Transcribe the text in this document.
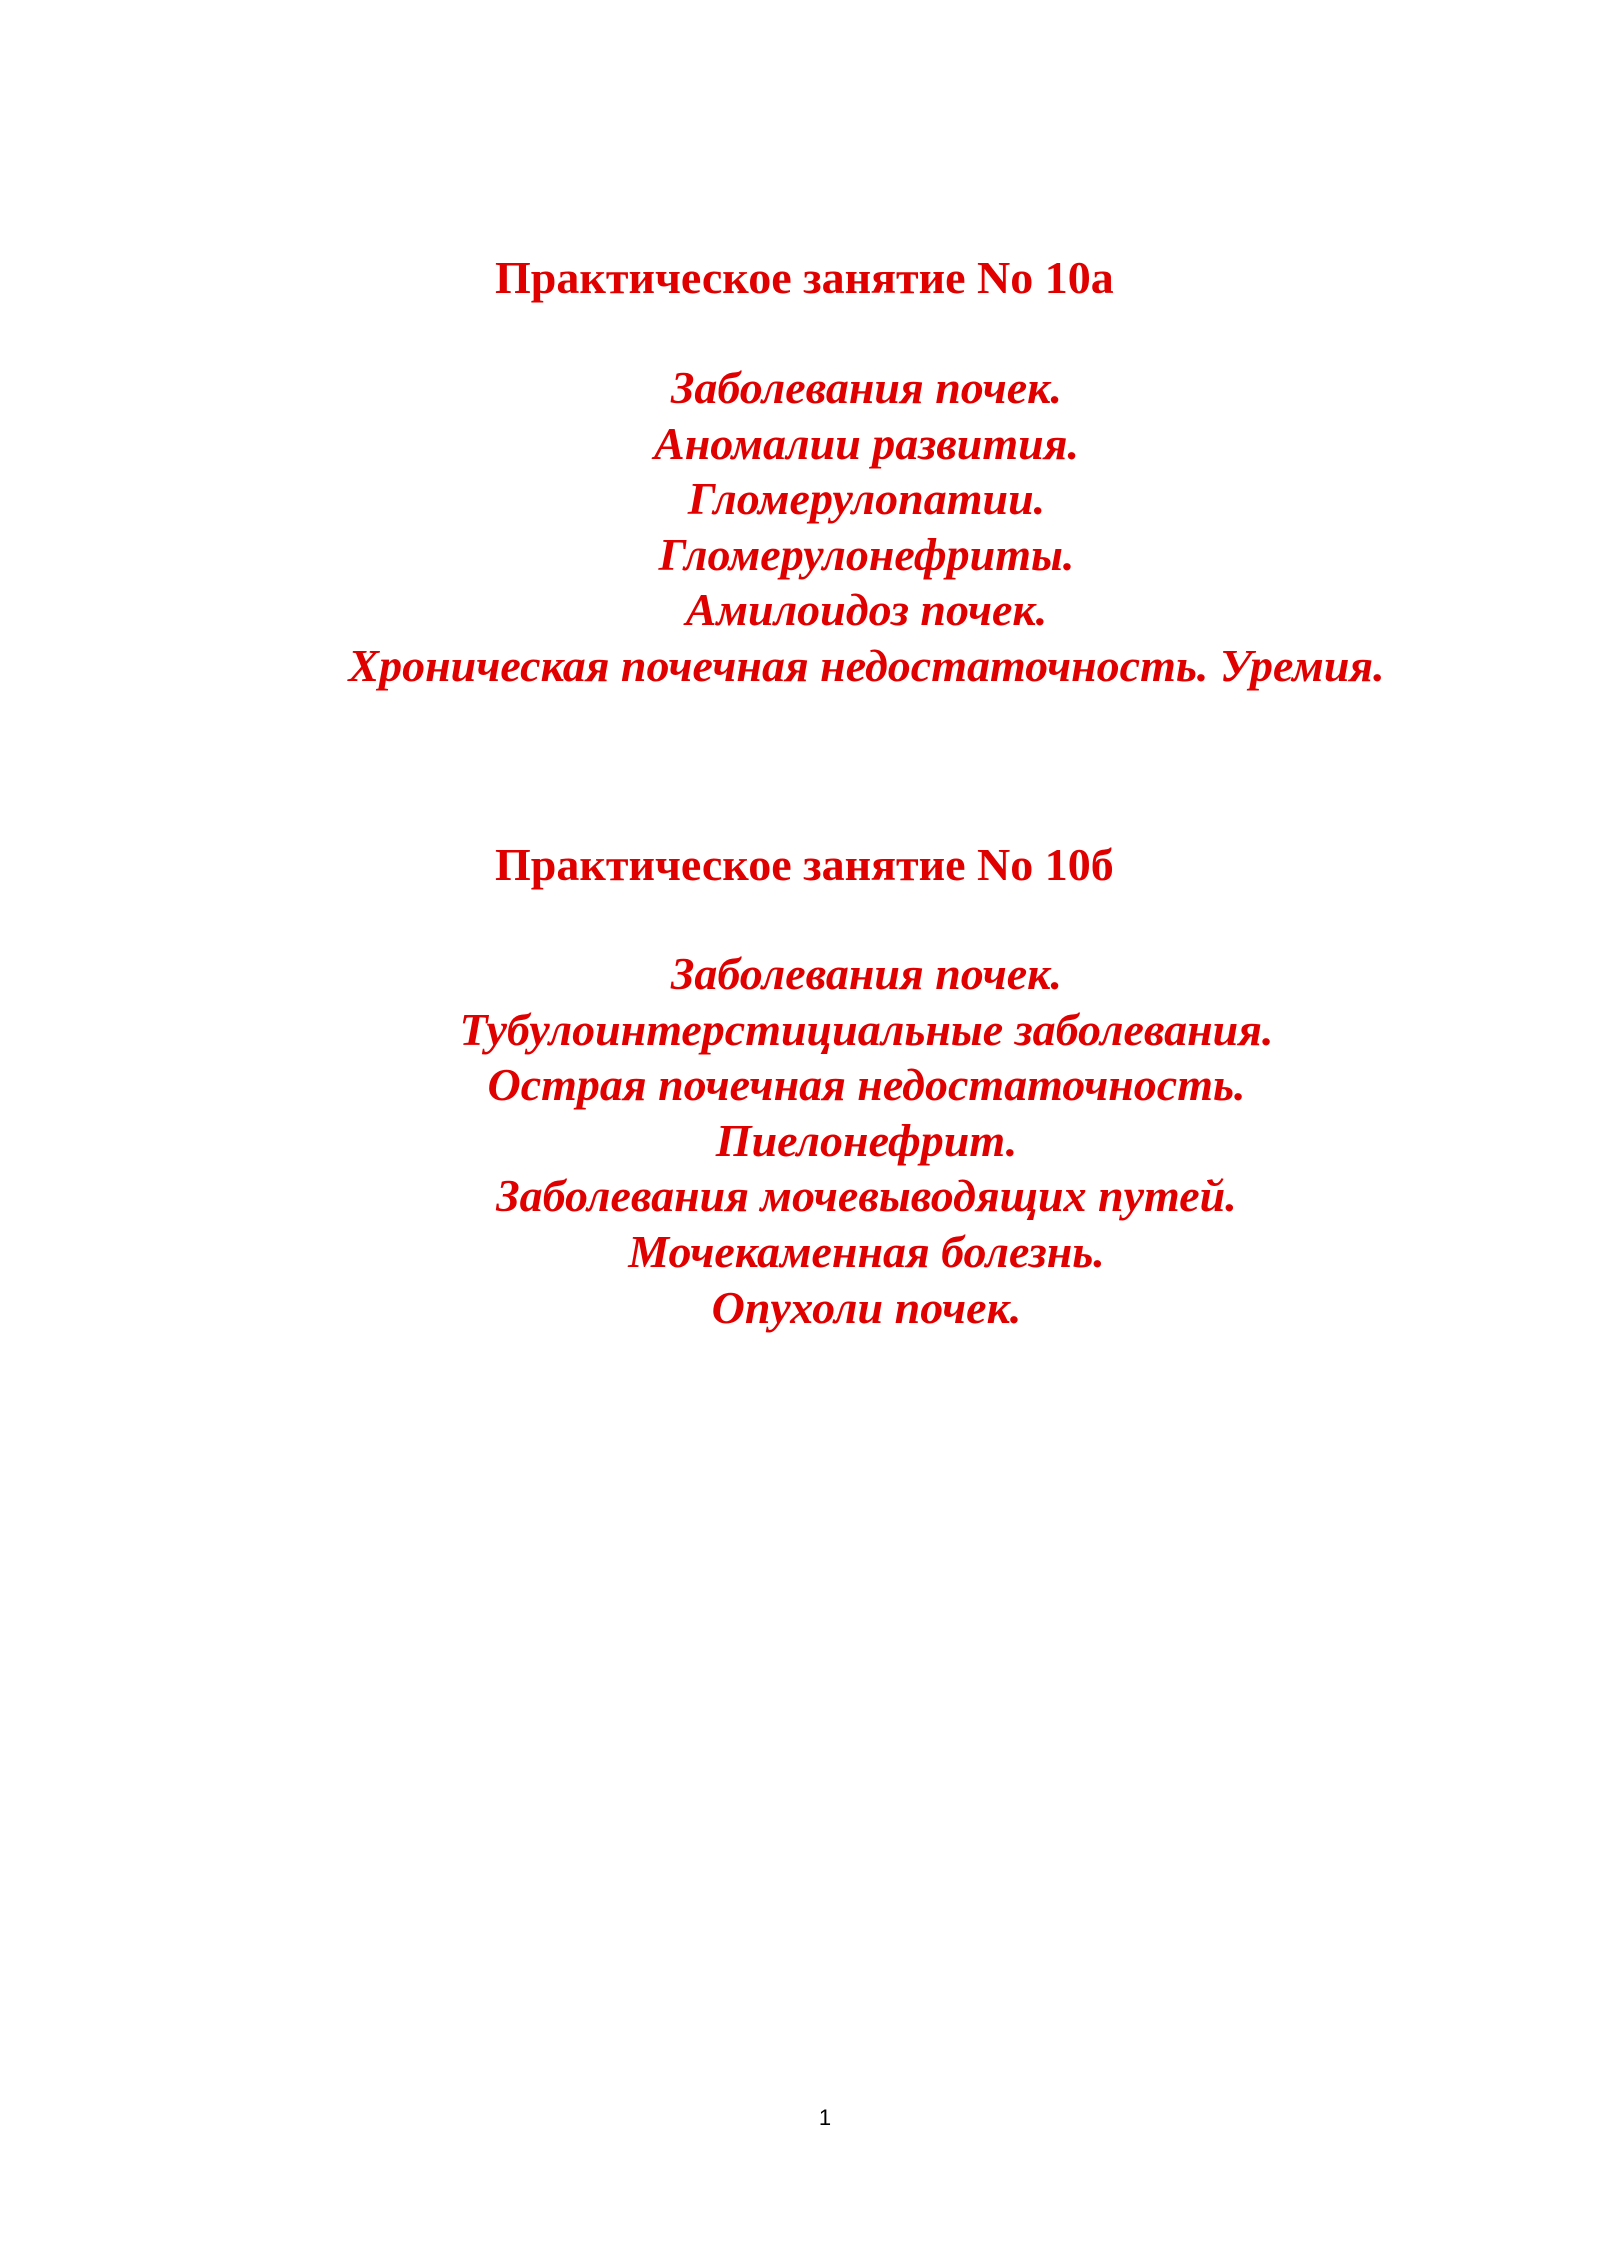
Практическое занятие No 10а
Заболевания почек.
Аномалии развития.
Гломерулопатии.
Гломерулонефриты.
Амилоидоз почек.
Хроническая почечная недостаточность. Уремия.
Практическое занятие No 10б
Заболевания почек.
Тубулоинтерстициальные заболевания.
Острая почечная недостаточность.
Пиелонефрит.
Заболевания мочевыводящих путей.
Мочекаменная болезнь.
Опухоли почек.

1
